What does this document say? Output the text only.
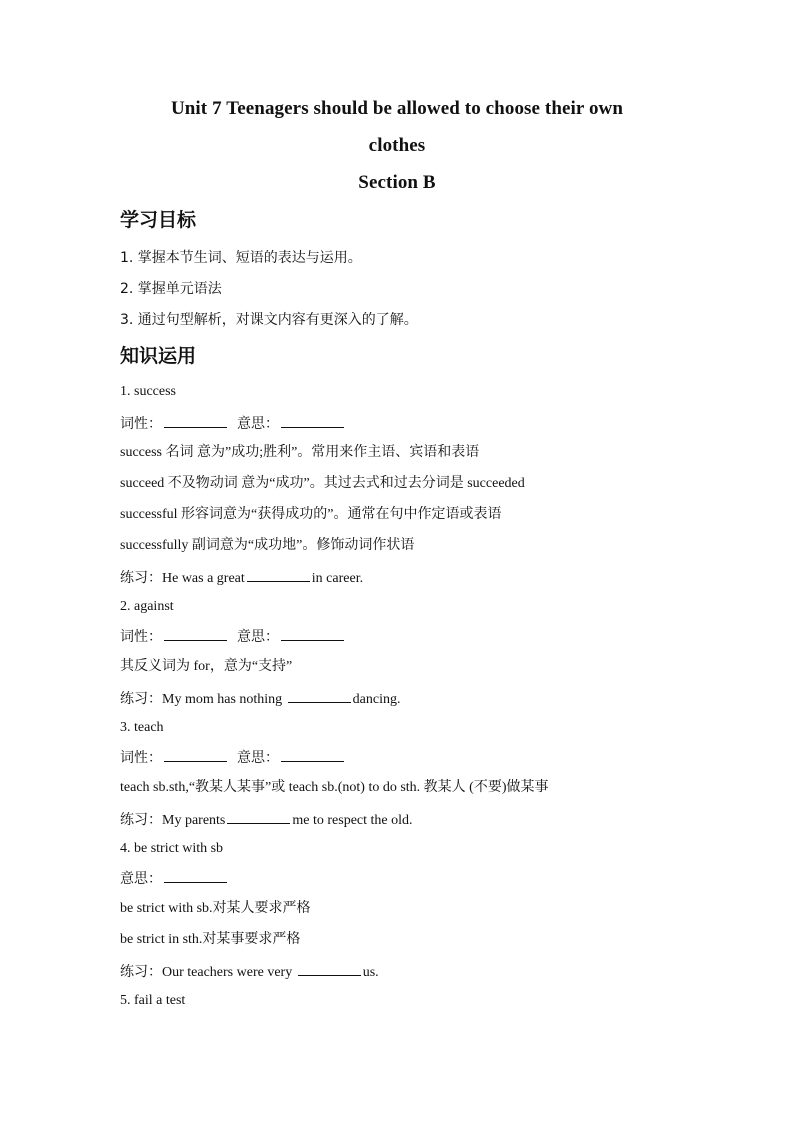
Unit 7 Teenagers should be allowed to choose their own
clothes
Section B
学习目标
1. 掌握本节生词、短语的表达与运用。
2. 掌握单元语法
3. 通过句型解析，对课文内容有更深入的了解。
知识运用
1. success
词性：	意思：
success 名词 意为”成功;胜利”。常用来作主语、宾语和表语
succeed 不及物动词 意为“成功”。其过去式和过去分词是 succeeded
successful 形容词意为“获得成功的”。通常在句中作定语或表语
successfully 副词意为“成功地”。修饰动词作状语
练习：He was a great	in career.
2. against
词性：	意思：
其反义词为 for，意为“支持”
练习：My mom has nothing	dancing.
3. teach
词性：	意思：
teach sb.sth,“教某人某事”或 teach sb.(not) to do sth. 教某人 (不要)做某事
练习：My parents	me to respect the old.
4. be strict with sb
意思：
be strict with sb.对某人要求严格
be strict in sth.对某事要求严格
练习：Our teachers were very	us.
5. fail a test
